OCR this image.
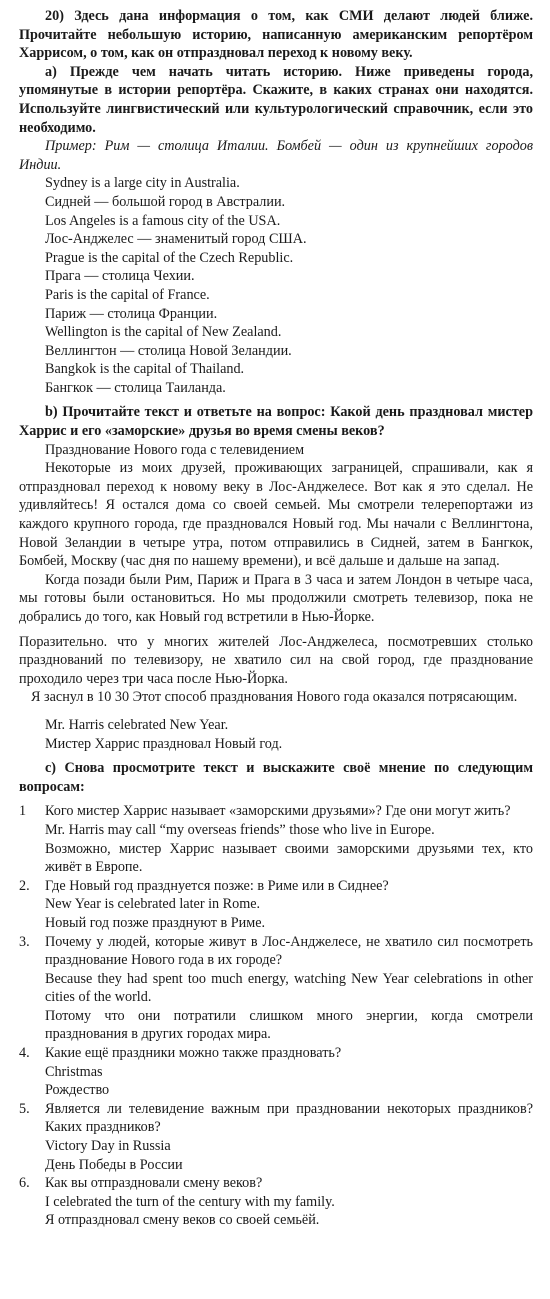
20) Здесь дана информация о том, как СМИ делают людей ближе. Прочитайте небольшую историю, написанную американским репортёром Харрисом, о том, как он отпраздновал переход к новому веку.

а) Прежде чем начать читать историю. Ниже приведены города, упомянутые в истории репортёра. Скажите, в каких странах они находятся. Используйте лингвистический или культурологический справочник, если это необходимо.

Пример: Рим — столица Италии. Бомбей — один из крупнейших городов Индии.

Sydney is a large city in Australia.

Сидней — большой город в Австралии.

Los Angeles is a famous city of the USA.

Лос-Анджелес — знаменитый город США.

Prague is the capital of the Czech Republic.

Прага — столица Чехии.

Paris is the capital of France.

Париж — столица Франции.

Wellington is the capital of New Zealand.

Веллингтон — столица Новой Зеландии.

Bangkok is the capital of Thailand.

Бангкок — столица Таиланда.

b) Прочитайте текст и ответьте на вопрос: Какой день праздновал мистер Харрис и его «заморские» друзья во время смены веков?

Празднование Нового года с телевидением

Некоторые из моих друзей, проживающих заграницей, спрашивали, как я отпраздновал переход к новому веку в Лос-Анджелесе. Вот как я это сделал. Не удивляйтесь! Я остался дома со своей семьей. Мы смотрели телерепортажи из каждого крупного города, где праздновался Новый год. Мы начали с Веллингтона, Новой Зеландии в четыре утра, потом отправились в Сидней, затем в Бангкок, Бомбей, Москву (час дня по нашему времени), и всё дальше и дальше на запад.

Когда позади были Рим, Париж и Прага в 3 часа и затем Лондон в четыре часа, мы готовы были остановиться. Но мы продолжили смотреть телевизор, пока не добрались до того, как Новый год встретили в Нью-Йорке.

Поразительно. что у многих жителей Лос-Анджелеса, посмотревших столько празднований по телевизору, не хватило сил на свой город, где празднование проходило через три часа после Нью-Йорка.

Я заснул в 10 30 Этот способ празднования Нового года оказался потрясающим.

Mr. Harris celebrated New Year.

Мистер Харрис праздновал Новый год.

c) Снова просмотрите текст и выскажите своё мнение по следующим вопросам:

1	Кого мистер Харрис называет «заморскими друзьями»? Где они могут жить?

Mr. Harris may call “my overseas friends” those who live in Europe.

Возможно, мистер Харрис называет своими заморскими друзьями тех, кто живёт в Европе.

2.	Где Новый год празднуется позже: в Риме или в Сиднее?

New Year is celebrated later in Rome.

Новый год позже празднуют в Риме.

3.	Почему у людей, которые живут в Лос-Анджелесе, не хватило сил посмотреть празднование Нового года в их городе?

Because they had spent too much energy, watching New Year celebrations in other cities of the world.

Потому что они потратили слишком много энергии, когда смотрели празднования в других городах мира.

4.	Какие ещё праздники можно также праздновать?

Christmas

Рождество

5.	Является ли телевидение важным при праздновании некоторых праздников? Каких праздников?

Victory Day in Russia

День Победы в России

6.	Как вы отпраздновали смену веков?

I celebrated the turn of the century with my family.

Я отпраздновал смену веков со своей семьёй.
